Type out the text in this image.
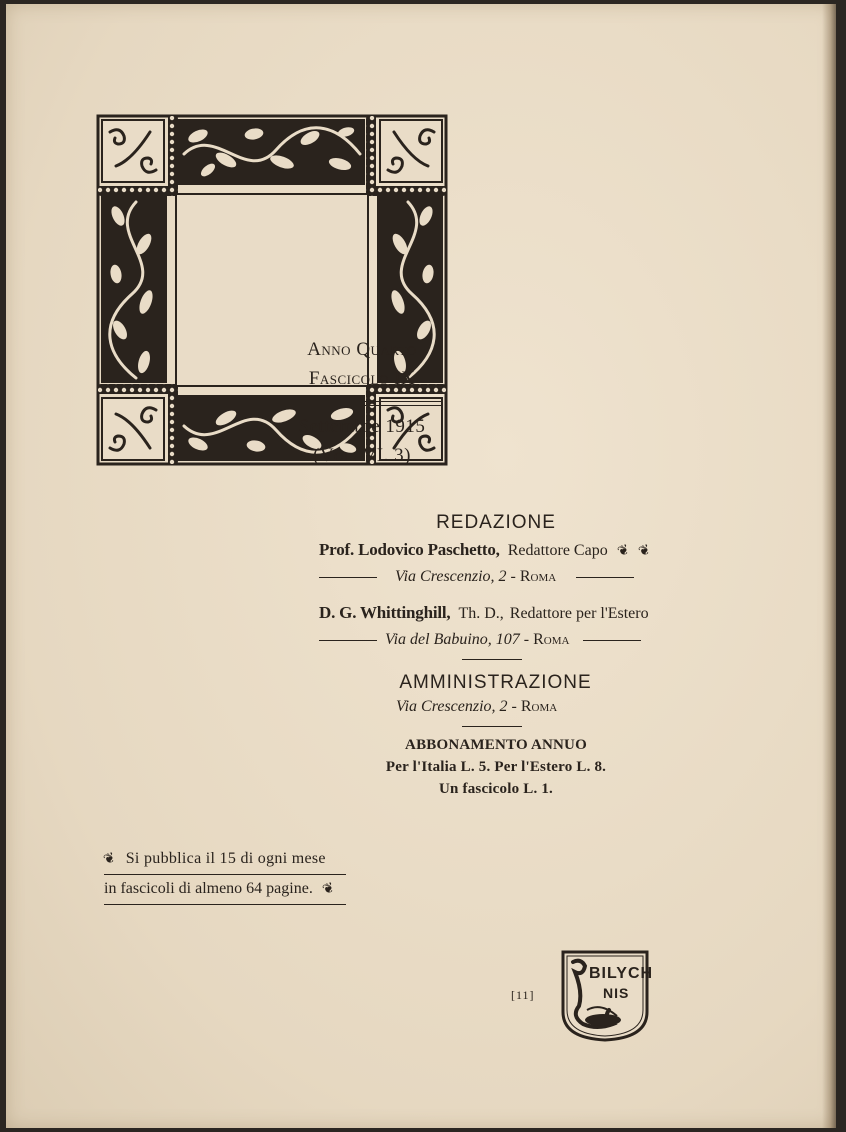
Anno Quarto
Fascicolo IX
Settembre 1915
(Vol. VI. 3)
REDAZIONE
Prof. Lodovico Paschetto, Redattore Capo ❦ ❦
Via Crescenzio, 2 - Roma
D. G. Whittinghill, Th. D., Redattore per l'Estero
Via del Babuino, 107 - Roma
AMMINISTRAZIONE
Via Crescenzio, 2 - Roma
ABBONAMENTO ANNUO
Per l'Italia L. 5. Per l'Estero L. 8.
Un fascicolo L. 1.
❦ Si pubblica il 15 di ogni mese
in fascicoli di almeno 64 pagine. ❦
[11]
BILYCH
NIS
